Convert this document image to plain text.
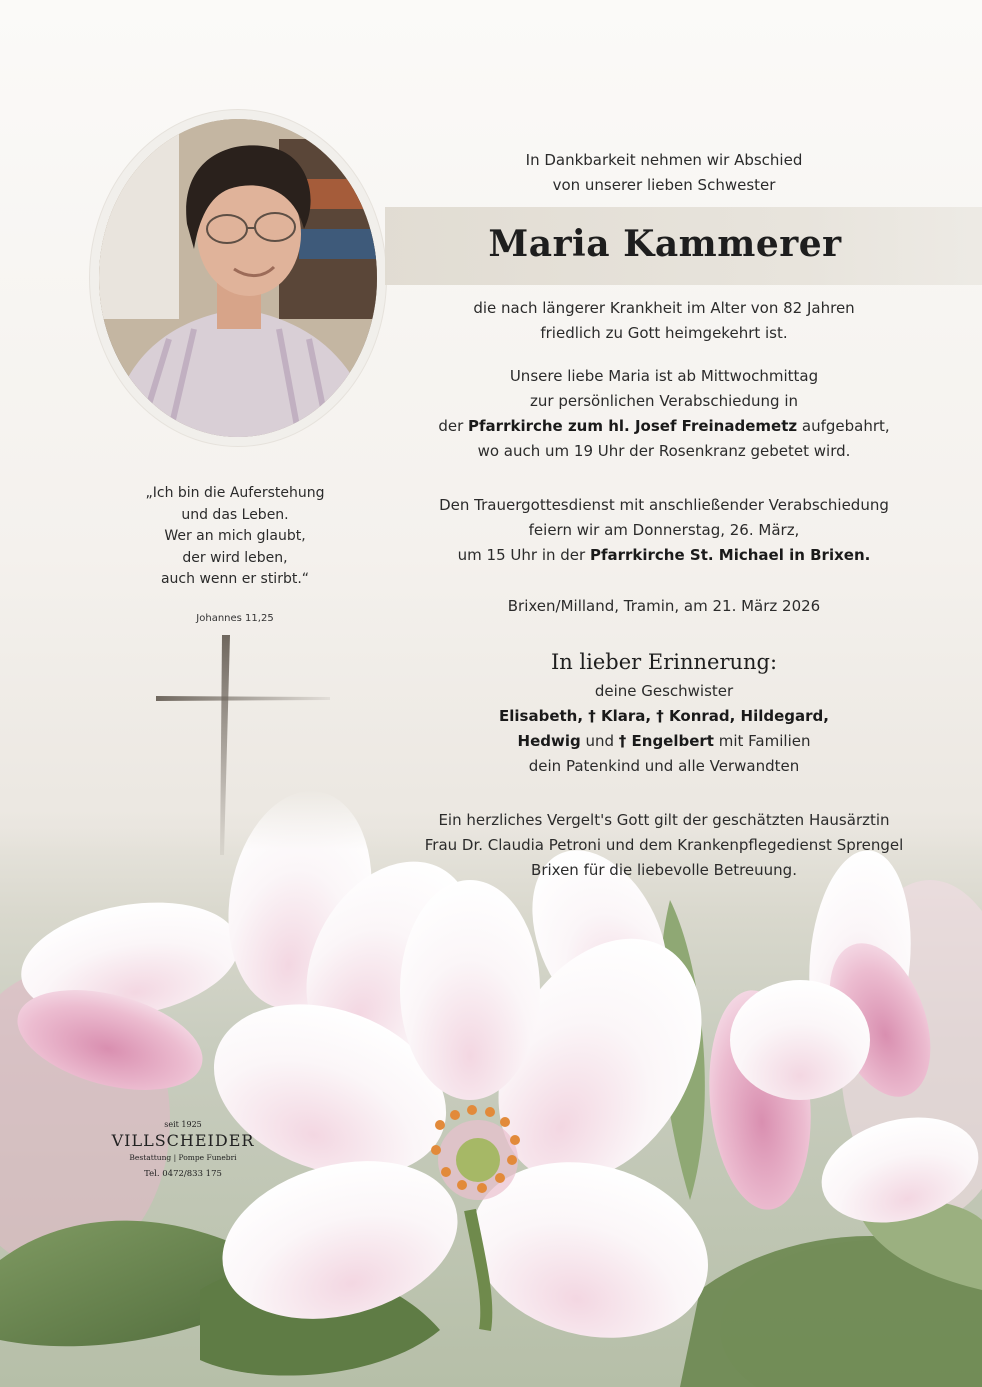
Maria Kammerer
In Dankbarkeit nehmen wir Abschied
von unserer lieben Schwester
die nach längerer Krankheit im Alter von 82 Jahren
friedlich zu Gott heimgekehrt ist.
Unsere liebe Maria ist ab Mittwochmittag
zur persönlichen Verabschiedung in
der Pfarrkirche zum hl. Josef Freinademetz aufgebahrt,
wo auch um 19 Uhr der Rosenkranz gebetet wird.
Den Trauergottesdienst mit anschließender Verabschiedung
feiern wir am Donnerstag, 26. März,
um 15 Uhr in der Pfarrkirche St. Michael in Brixen.
Brixen/Milland, Tramin, am 21. März 2026
In lieber Erinnerung:
deine Geschwister
Elisabeth, † Klara, † Konrad, Hildegard,
Hedwig und † Engelbert mit Familien
dein Patenkind und alle Verwandten
Ein herzliches Vergelt's Gott gilt der geschätzten Hausärztin
Frau Dr. Claudia Petroni und dem Krankenpflegedienst Sprengel
Brixen für die liebevolle Betreuung.
„Ich bin die Auferstehung
und das Leben.
Wer an mich glaubt,
der wird leben,
auch wenn er stirbt.“
Johannes 11,25
seit 1925
VILLSCHEIDER
Bestattung | Pompe Funebri
Tel. 0472/833 175
